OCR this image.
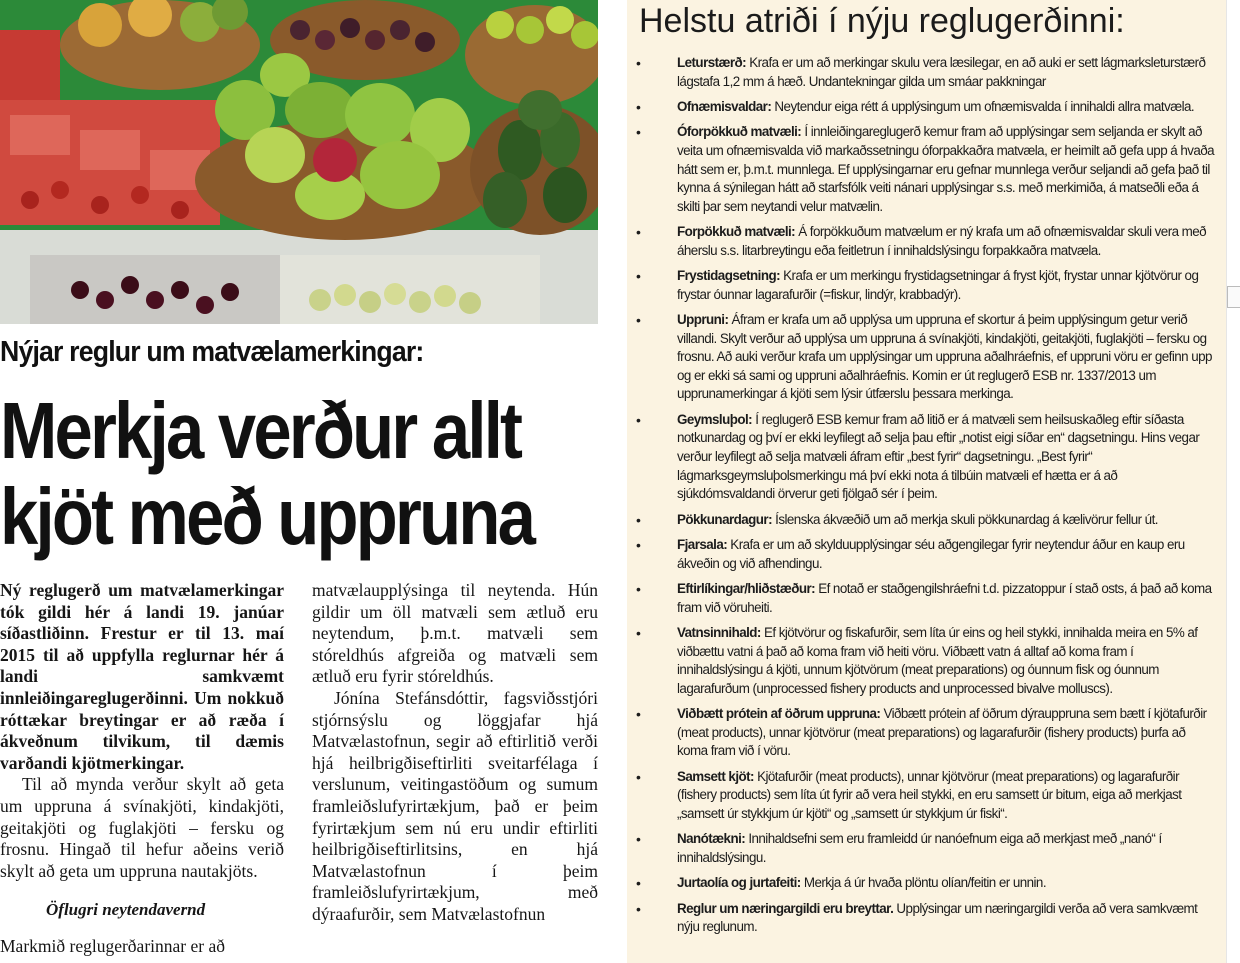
Nýjar reglur um matvælamerkingar:
Merkja verður allt
kjöt með uppruna

Ný reglugerð um matvælamerkingar tók gildi hér á landi 19. janúar síðastliðinn. Frestur er til 13. maí 2015 til að uppfylla reglurnar hér á landi samkvæmt innleiðingareglugerðinni. Um nokkuð róttækar breytingar er að ræða í ákveðnum tilvikum, til dæmis varðandi kjötmerkingar.

Til að mynda verður skylt að geta um uppruna á svínakjöti, kindakjöti, geitakjöti og fuglakjöti – fersku og frosnu. Hingað til hefur aðeins verið skylt að geta um uppruna nautakjöts.

Öflugri neytendavernd

Markmið reglugerðarinnar er að

matvælaupplýsinga til neytenda. Hún gildir um öll matvæli sem ætluð eru neytendum, þ.m.t. matvæli sem stóreldhús afgreiða og matvæli sem ætluð eru fyrir stóreldhús.

Jónína Stefánsdóttir, fagsviðsstjóri stjórnsýslu og löggjafar hjá Matvælastofnun, segir að eftirlitið verði hjá heilbrigðiseftirliti sveitarfélaga í verslunum, veitingastöðum og sumum framleiðslufyrirtækjum, það er þeim fyrirtækjum sem nú eru undir eftirliti heilbrigðiseftirlitsins, en hjá Matvælastofnun í þeim framleiðslufyrirtækjum, með dýraafurðir, sem Matvælastofnun

Helstu atriði í nýju reglugerðinni:
•	Leturstærð: Krafa er um að merkingar skulu vera læsilegar, en að auki er sett lágmarksleturstærð lágstafa 1,2 mm á hæð. Undantekningar gilda um smáar pakkningar
•	Ofnæmisvaldar: Neytendur eiga rétt á upplýsingum um ofnæmisvalda í innihaldi allra matvæla.
•	Óforpökkuð matvæli: Í innleiðingareglugerð kemur fram að upplýsingar sem seljanda er skylt að veita um ofnæmisvalda við markaðssetningu óforpakkaðra matvæla, er heimilt að gefa upp á hvaða hátt sem er, þ.m.t. munnlega. Ef upplýsingarnar eru gefnar munnlega verður seljandi að gefa það til kynna á sýnilegan hátt að starfsfólk veiti nánari upplýsingar s.s. með merkimiða, á matseðli eða á skilti þar sem neytandi velur matvælin.
•	Forpökkuð matvæli: Á forpökkuðum matvælum er ný krafa um að ofnæmisvaldar skuli vera með áherslu s.s. litarbreytingu eða feitletrun í innihaldslýsingu forpakkaðra matvæla.
•	Frystidagsetning: Krafa er um merkingu frystidagsetningar á fryst kjöt, frystar unnar kjötvörur og frystar óunnar lagarafurðir (=fiskur, lindýr, krabbadýr).
•	Uppruni: Áfram er krafa um að upplýsa um uppruna ef skortur á þeim upplýsingum getur verið villandi. Skylt verður að upplýsa um uppruna á svínakjöti, kindakjöti, geitakjöti, fuglakjöti – fersku og frosnu. Að auki verður krafa um upplýsingar um uppruna aðalhráefnis, ef uppruni vöru er gefinn upp og er ekki sá sami og uppruni aðalhráefnis. Komin er út reglugerð ESB nr. 1337/2013 um upprunamerkingar á kjöti sem lýsir útfærslu þessara merkinga.
•	Geymsluþol: Í reglugerð ESB kemur fram að litið er á matvæli sem heilsuskaðleg eftir síðasta notkunardag og því er ekki leyfilegt að selja þau eftir „notist eigi síðar en“ dagsetningu. Hins vegar verður leyfilegt að selja matvæli áfram eftir „best fyrir“ dagsetningu. „Best fyrir“ lágmarksgeymsluþolsmerkingu má því ekki nota á tilbúin matvæli ef hætta er á að sjúkdómsvaldandi örverur geti fjölgað sér í þeim.
•	Pökkunardagur: Íslenska ákvæðið um að merkja skuli pökkunardag á kælivörur fellur út.
•	Fjarsala: Krafa er um að skylduupplýsingar séu aðgengilegar fyrir neytendur áður en kaup eru ákveðin og við afhendingu.
•	Eftirlíkingar/hliðstæður: Ef notað er staðgengilshráefni t.d. pizzatoppur í stað osts, á það að koma fram við vöruheiti.
•	Vatnsinnihald: Ef kjötvörur og fiskafurðir, sem líta úr eins og heil stykki, innihalda meira en 5% af viðbættu vatni á það að koma fram við heiti vöru. Viðbætt vatn á alltaf að koma fram í innihaldslýsingu á kjöti, unnum kjötvörum (meat preparations) og óunnum fisk og óunnum lagarafurðum (unprocessed fishery products and unprocessed bivalve molluscs).
•	Viðbætt prótein af öðrum uppruna: Viðbætt prótein af öðrum dýrauppruna sem bætt í kjötafurðir (meat products), unnar kjötvörur (meat preparations) og lagarafurðir (fishery products) þurfa að koma fram við í vöru.
•	Samsett kjöt: Kjötafurðir (meat products), unnar kjötvörur (meat preparations) og lagarafurðir (fishery products) sem líta út fyrir að vera heil stykki, en eru samsett úr bitum, eiga að merkjast „samsett úr stykkjum úr kjöti“ og „samsett úr stykkjum úr fiski“.
•	Nanótækni: Innihaldsefni sem eru framleidd úr nanóefnum eiga að merkjast með „nanó“ í innihaldslýsingu.
•	Jurtaolía og jurtafeiti: Merkja á úr hvaða plöntu olían/feitin er unnin.
•	Reglur um næringargildi eru breyttar. Upplýsingar um næringargildi verða að vera samkvæmt nýju reglunum.
